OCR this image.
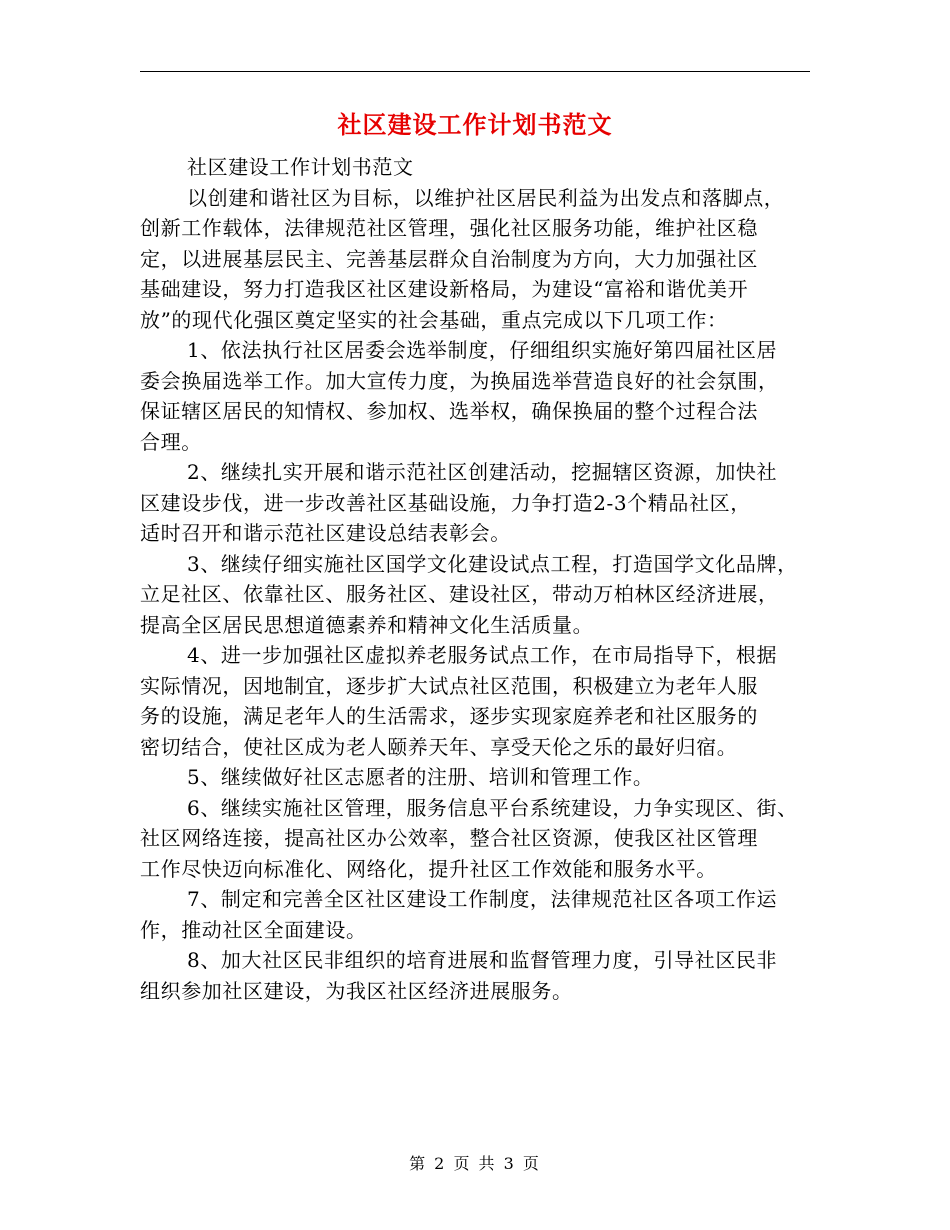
社区建设工作计划书范文
社区建设工作计划书范文
以创建和谐社区为目标，以维护社区居民利益为出发点和落脚点，
创新工作载体，法律规范社区管理，强化社区服务功能，维护社区稳
定，以进展基层民主、完善基层群众自治制度为方向，大力加强社区
基础建设，努力打造我区社区建设新格局，为建设“富裕和谐优美开
放”的现代化强区奠定坚实的社会基础，重点完成以下几项工作：
1、依法执行社区居委会选举制度，仔细组织实施好第四届社区居
委会换届选举工作。加大宣传力度，为换届选举营造良好的社会氛围，
保证辖区居民的知情权、参加权、选举权，确保换届的整个过程合法
合理。
2、继续扎实开展和谐示范社区创建活动，挖掘辖区资源，加快社
区建设步伐，进一步改善社区基础设施，力争打造2-3个精品社区，
适时召开和谐示范社区建设总结表彰会。
3、继续仔细实施社区国学文化建设试点工程，打造国学文化品牌，
立足社区、依靠社区、服务社区、建设社区，带动万柏林区经济进展，
提高全区居民思想道德素养和精神文化生活质量。
4、进一步加强社区虚拟养老服务试点工作，在市局指导下，根据
实际情况，因地制宜，逐步扩大试点社区范围，积极建立为老年人服
务的设施，满足老年人的生活需求，逐步实现家庭养老和社区服务的
密切结合，使社区成为老人颐养天年、享受天伦之乐的最好归宿。
5、继续做好社区志愿者的注册、培训和管理工作。
6、继续实施社区管理，服务信息平台系统建设，力争实现区、街、
社区网络连接，提高社区办公效率，整合社区资源，使我区社区管理
工作尽快迈向标准化、网络化，提升社区工作效能和服务水平。
7、制定和完善全区社区建设工作制度，法律规范社区各项工作运
作，推动社区全面建设。
8、加大社区民非组织的培育进展和监督管理力度，引导社区民非
组织参加社区建设，为我区社区经济进展服务。
第 2 页 共 3 页
